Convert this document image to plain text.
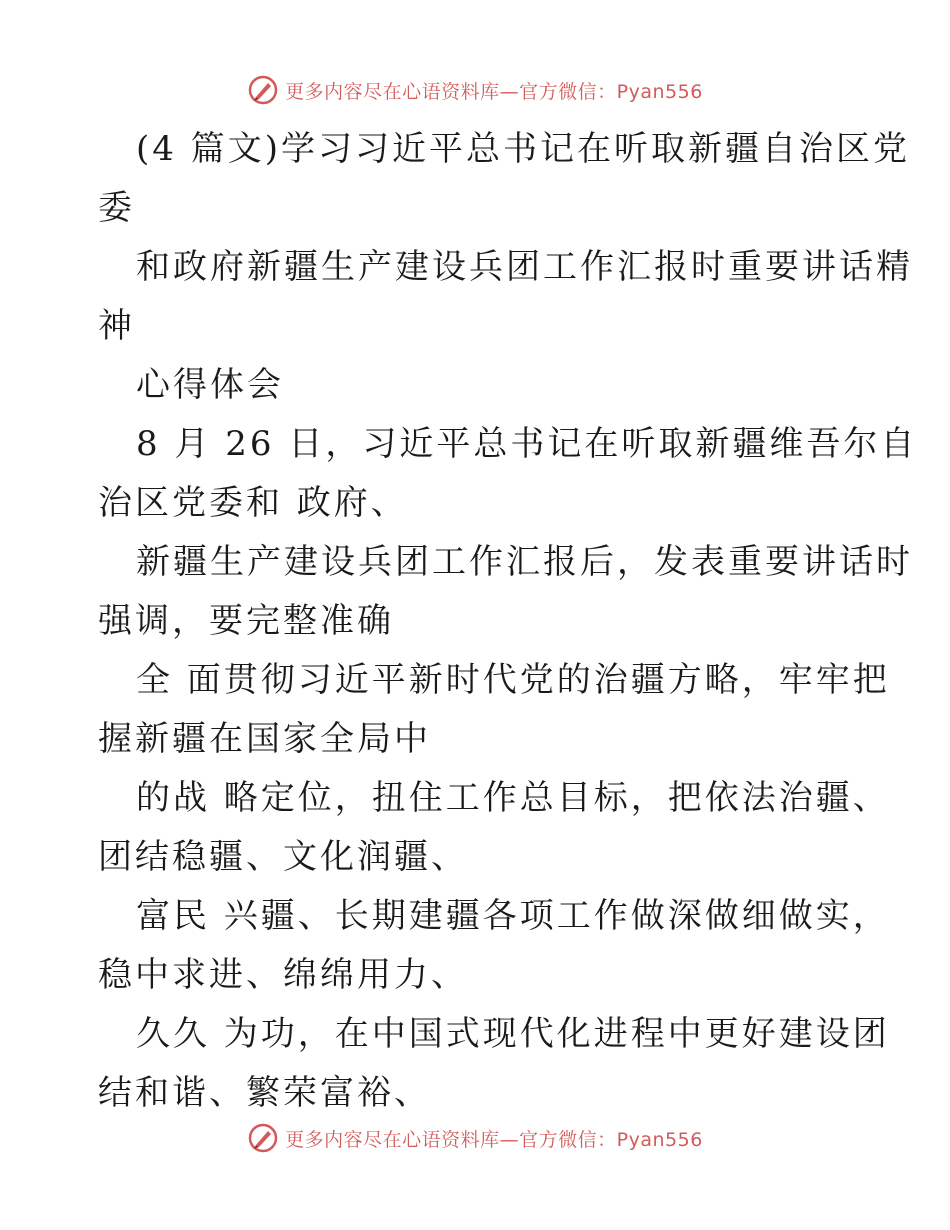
更多内容尽在心语资料库—官方微信：Pyan556

(4 篇文)学习习近平总书记在听取新疆自治区党
委

和政府新疆生产建设兵团工作汇报时重要讲话精
神

心得体会

8 月 26 日，习近平总书记在听取新疆维吾尔自
治区党委和 政府、

新疆生产建设兵团工作汇报后，发表重要讲话时
强调，要完整准确

全 面贯彻习近平新时代党的治疆方略，牢牢把
握新疆在国家全局中

的战 略定位，扭住工作总目标，把依法治疆、
团结稳疆、文化润疆、

富民 兴疆、长期建疆各项工作做深做细做实，
稳中求进、绵绵用力、

久久 为功，在中国式现代化进程中更好建设团
结和谐、繁荣富裕、

更多内容尽在心语资料库—官方微信：Pyan556
